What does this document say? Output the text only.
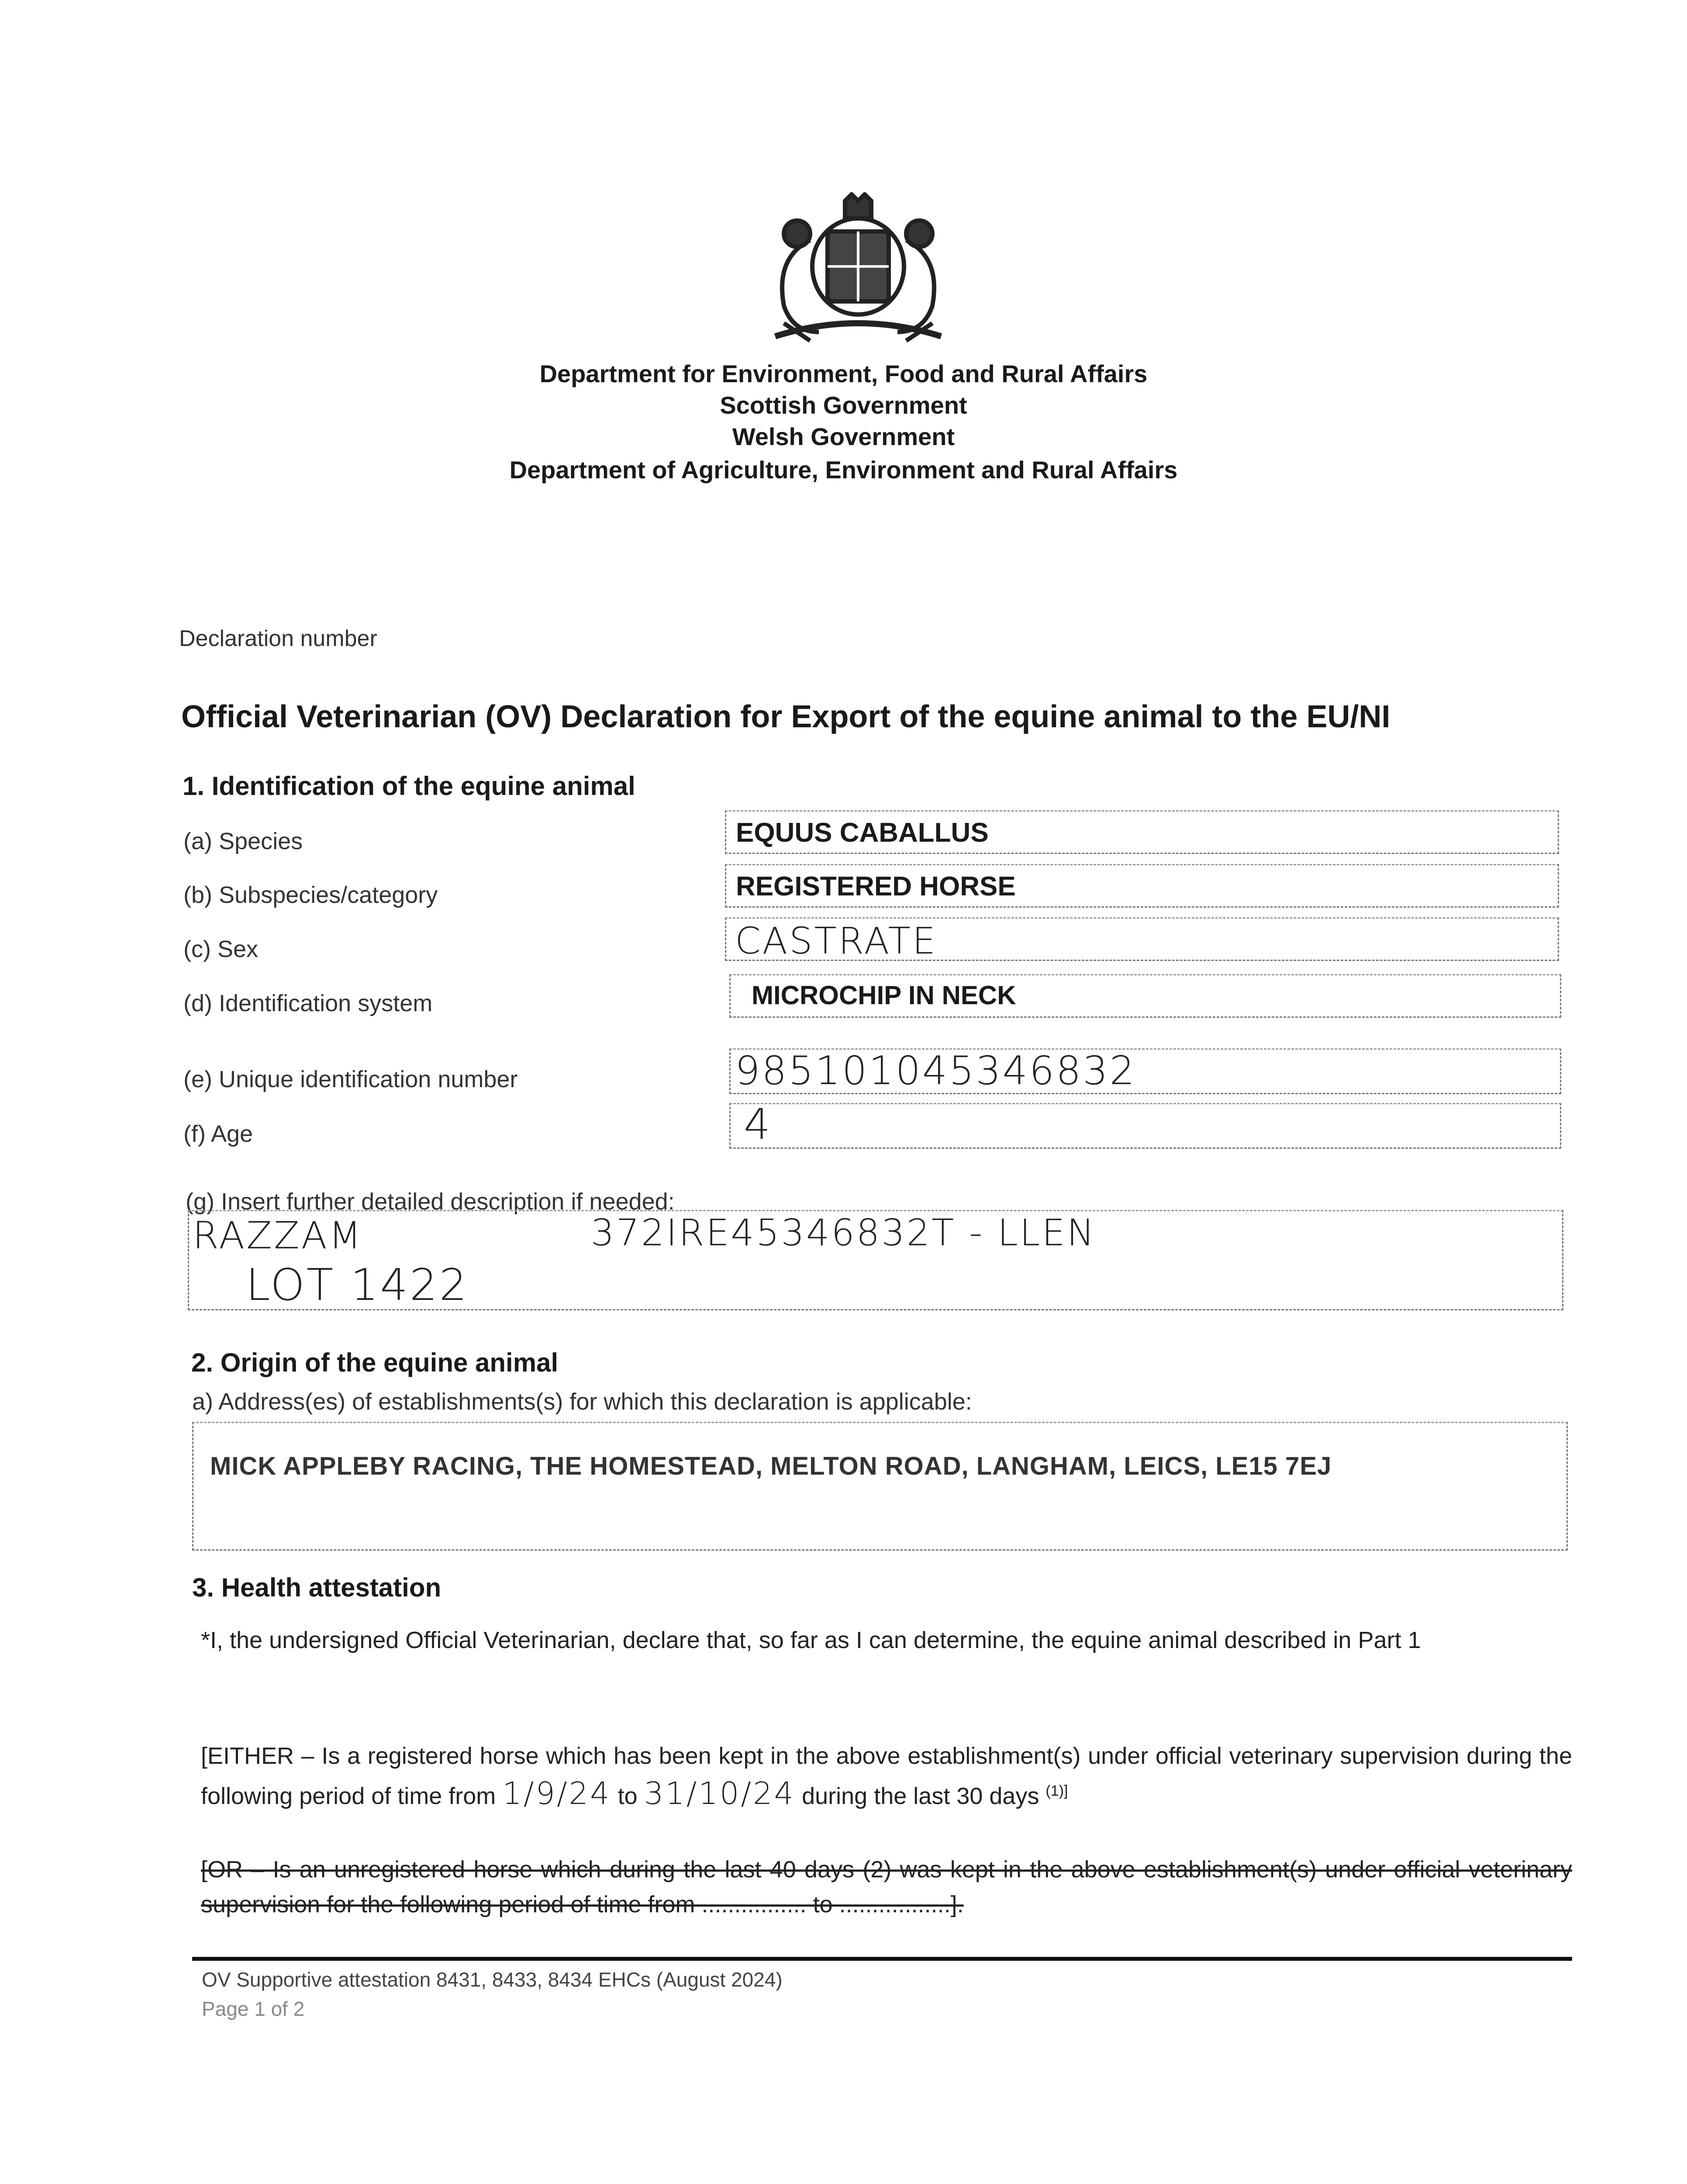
Department for Environment, Food and Rural Affairs
Scottish Government
Welsh Government
Department of Agriculture, Environment and Rural Affairs
Declaration number
Official Veterinarian (OV) Declaration for Export of the equine animal to the EU/NI
1. Identification of the equine animal
(a) Species	EQUUS CABALLUS
(b) Subspecies/category	REGISTERED HORSE
(c) Sex	CASTRATE
(d) Identification system	MICROCHIP IN NECK
(e) Unique identification number	985101045346832
(f) Age	4
(g) Insert further detailed description if needed:
RAZZAM	372IRE45346832T - LLEN
LOT 1422
2. Origin of the equine animal
a) Address(es) of establishments(s) for which this declaration is applicable:
MICK APPLEBY RACING, THE HOMESTEAD, MELTON ROAD, LANGHAM, LEICS, LE15 7EJ
3. Health attestation
*I, the undersigned Official Veterinarian, declare that, so far as I can determine, the equine animal described in Part 1
[EITHER – Is a registered horse which has been kept in the above establishment(s) under official veterinary supervision during the following period of time from 1/9/24 to 31/10/24 during the last 30 days $^{(1)]}$
[OR – Is an unregistered horse which during the last 40 days (2) was kept in the above establishment(s) under official veterinary supervision for the following period of time from ................ to .................].
OV Supportive attestation 8431, 8433, 8434 EHCs (August 2024)
Page 1 of 2
